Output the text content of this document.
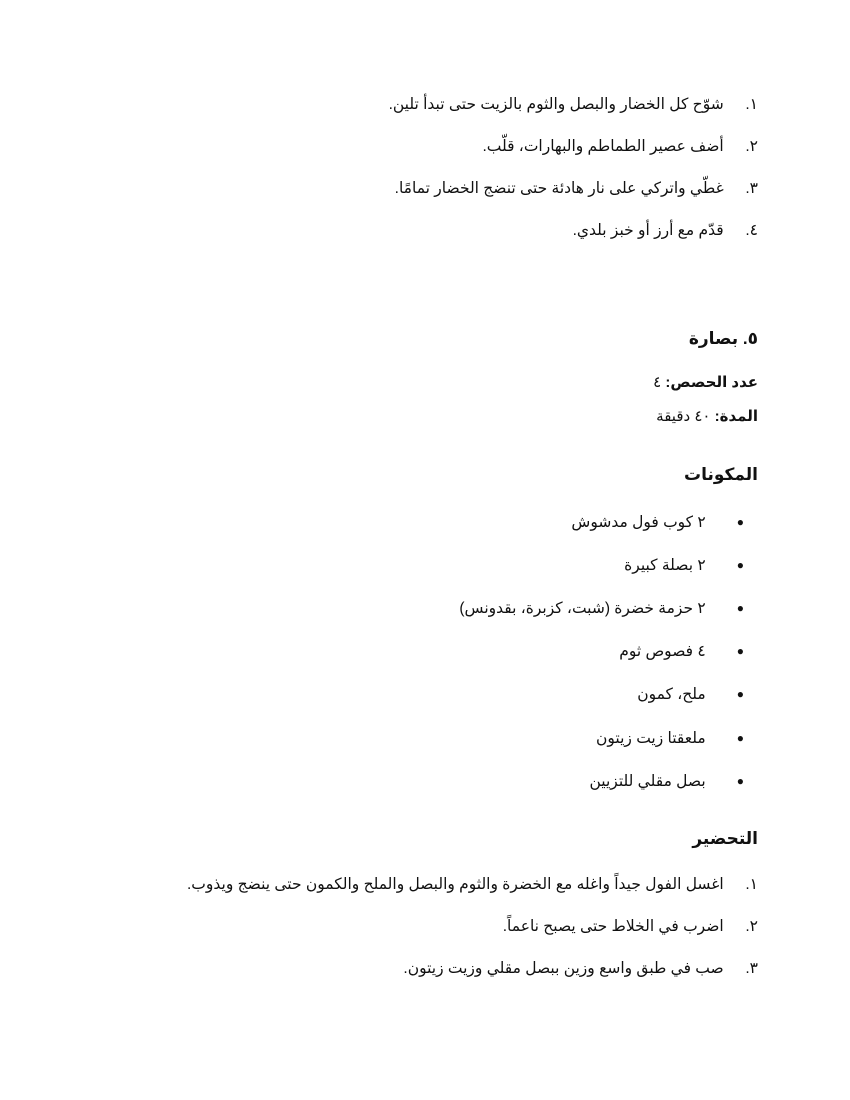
١. شوّح كل الخضار والبصل والثوم بالزيت حتى تبدأ تلين.
٢. أضف عصير الطماطم والبهارات، قلّب.
٣. غطّي واتركي على نار هادئة حتى تنضج الخضار تمامًا.
٤. قدّم مع أرز أو خبز بلدي.
٥. بصارة
عدد الحصص: ٤
المدة: ٤٠ دقيقة
المكونات
● ٢ كوب فول مدشوش
● ٢ بصلة كبيرة
● ٢ حزمة خضرة (شبت، كزبرة، بقدونس)
● ٤ فصوص ثوم
● ملح، كمون
● ملعقتا زيت زيتون
● بصل مقلي للتزيين
التحضير
١. اغسل الفول جيداً واغله مع الخضرة والثوم والبصل والملح والكمون حتى ينضج ويذوب.
٢. اضرب في الخلاط حتى يصبح ناعماً.
٣. صب في طبق واسع وزين ببصل مقلي وزيت زيتون.
